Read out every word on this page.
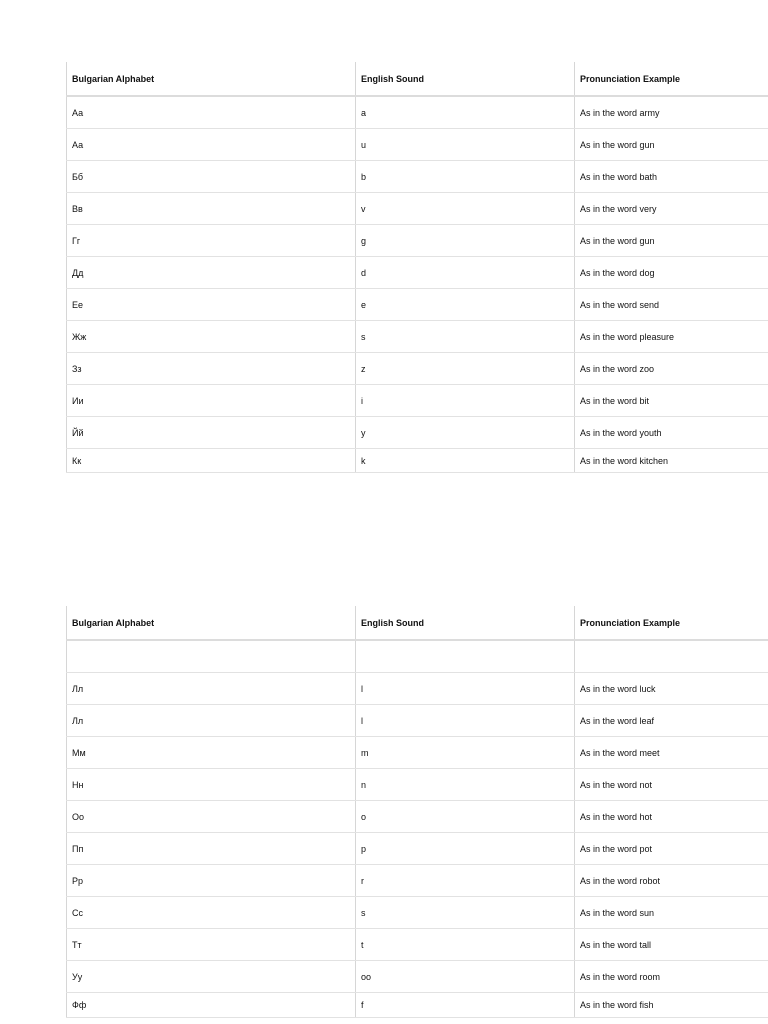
Bulgarian Alphabet	English Sound	Pronunciation Example
Аа	a	As in the word army
Аа	u	As in the word gun
Бб	b	As in the word bath
Вв	v	As in the word very
Гг	g	As in the word gun
Дд	d	As in the word dog
Ее	e	As in the word send
Жж	s	As in the word pleasure
Зз	z	As in the word zoo
Ии	i	As in the word bit
Йй	y	As in the word youth
Кк	k	As in the word kitchen
Bulgarian Alphabet	English Sound	Pronunciation Example

Лл	l	As in the word luck
Лл	l	As in the word leaf
Мм	m	As in the word meet
Нн	n	As in the word not
Оо	o	As in the word hot
Пп	p	As in the word pot
Рр	r	As in the word robot
Сс	s	As in the word sun
Тт	t	As in the word tall
Уу	oo	As in the word room
Фф	f	As in the word fish
